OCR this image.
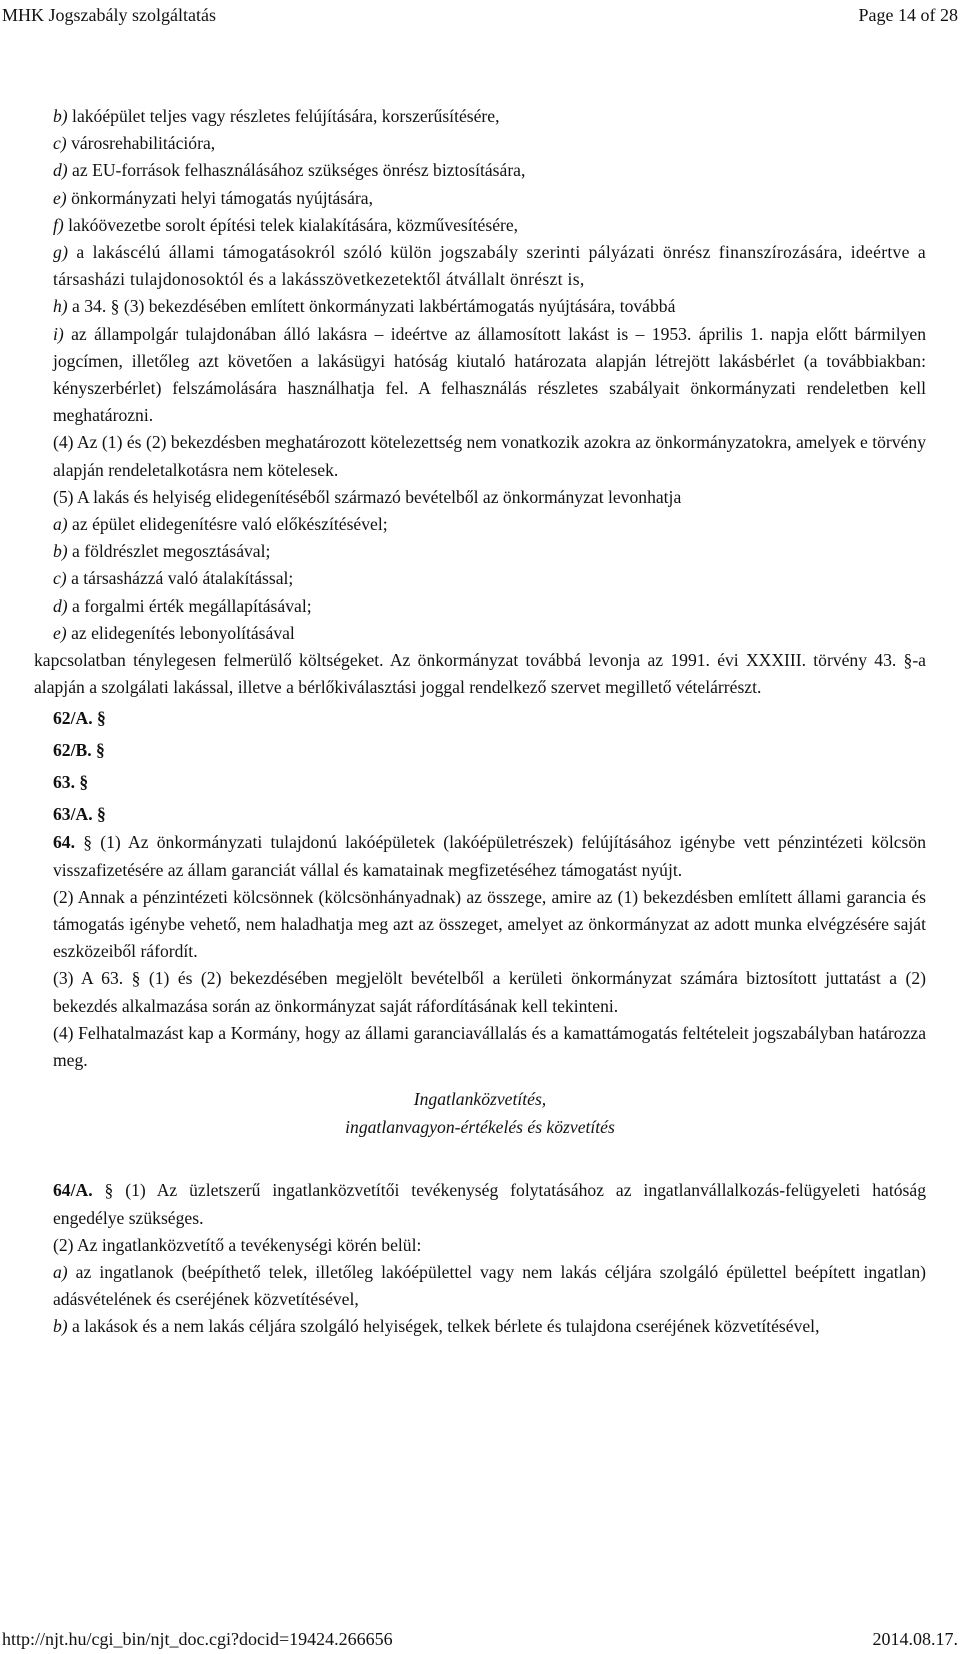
MHK Jogszabály szolgáltatás	Page 14 of 28

b) lakóépület teljes vagy részletes felújítására, korszerűsítésére,

c) városrehabilitációra,

d) az EU-források felhasználásához szükséges önrész biztosítására,

e) önkormányzati helyi támogatás nyújtására,

f) lakóövezetbe sorolt építési telek kialakítására, közművesítésére,

g) a lakáscélú állami támogatásokról szóló külön jogszabály szerinti pályázati önrész finanszírozására, ideértve a társasházi tulajdonosoktól és a lakásszövetkezetektől átvállalt önrészt is,

h) a 34. § (3) bekezdésében említett önkormányzati lakbértámogatás nyújtására, továbbá

i) az állampolgár tulajdonában álló lakásra – ideértve az államosított lakást is – 1953. április 1. napja előtt bármilyen jogcímen, illetőleg azt követően a lakásügyi hatóság kiutaló határozata alapján létrejött lakásbérlet (a továbbiakban: kényszerbérlet) felszámolására használhatja fel. A felhasználás részletes szabályait önkormányzati rendeletben kell meghatározni.

(4) Az (1) és (2) bekezdésben meghatározott kötelezettség nem vonatkozik azokra az önkormányzatokra, amelyek e törvény alapján rendeletalkotásra nem kötelesek.

(5) A lakás és helyiség elidegenítéséből származó bevételből az önkormányzat levonhatja

a) az épület elidegenítésre való előkészítésével;

b) a földrészlet megosztásával;

c) a társasházzá való átalakítással;

d) a forgalmi érték megállapításával;

e) az elidegenítés lebonyolításával

kapcsolatban ténylegesen felmerülő költségeket. Az önkormányzat továbbá levonja az 1991. évi XXXIII. törvény 43. §-a alapján a szolgálati lakással, illetve a bérlőkiválasztási joggal rendelkező szervet megillető vételárrészt.

62/A. §

62/B. §

63. §

63/A. §

64. § (1) Az önkormányzati tulajdonú lakóépületek (lakóépületrészek) felújításához igénybe vett pénzintézeti kölcsön visszafizetésére az állam garanciát vállal és kamatainak megfizetéséhez támogatást nyújt.

(2) Annak a pénzintézeti kölcsönnek (kölcsönhányadnak) az összege, amire az (1) bekezdésben említett állami garancia és támogatás igénybe vehető, nem haladhatja meg azt az összeget, amelyet az önkormányzat az adott munka elvégzésére saját eszközeiből ráfordít.

(3) A 63. § (1) és (2) bekezdésében megjelölt bevételből a kerületi önkormányzat számára biztosított juttatást a (2) bekezdés alkalmazása során az önkormányzat saját ráfordításának kell tekinteni.

(4) Felhatalmazást kap a Kormány, hogy az állami garanciavállalás és a kamattámogatás feltételeit jogszabályban határozza meg.

Ingatlanközvetítés,
ingatlanvagyon-értékelés és közvetítés

64/A. § (1) Az üzletszerű ingatlanközvetítői tevékenység folytatásához az ingatlanvállalkozás-felügyeleti hatóság engedélye szükséges.

(2) Az ingatlanközvetítő a tevékenységi körén belül:

a) az ingatlanok (beépíthető telek, illetőleg lakóépülettel vagy nem lakás céljára szolgáló épülettel beépített ingatlan) adásvételének és cseréjének közvetítésével,

b) a lakások és a nem lakás céljára szolgáló helyiségek, telkek bérlete és tulajdona cseréjének közvetítésével,

http://njt.hu/cgi_bin/njt_doc.cgi?docid=19424.266656	2014.08.17.
